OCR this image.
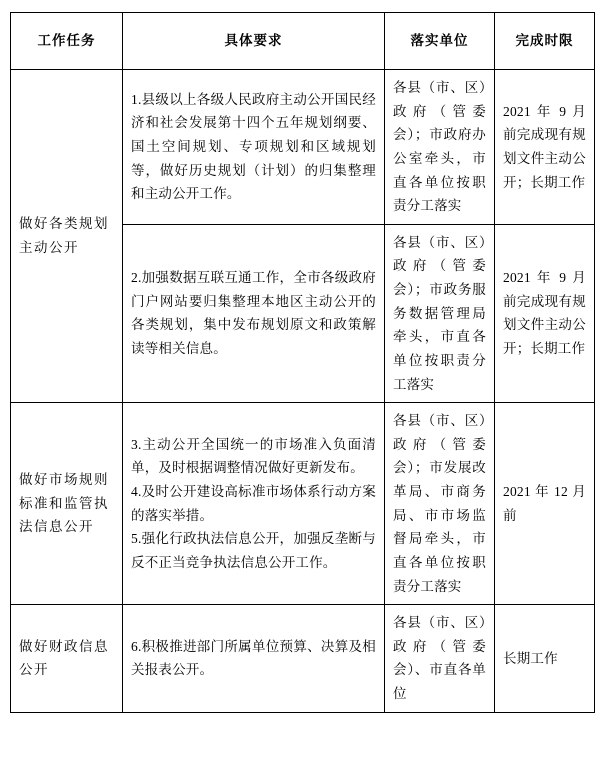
工作任务	具体要求	落实单位	完成时限
做好各类规划主动公开	1.县级以上各级人民政府主动公开国民经济和社会发展第十四个五年规划纲要、国土空间规划、专项规划和区域规划等，做好历史规划（计划）的归集整理和主动公开工作。	各县（市、区）政府（管委会）；市政府办公室牵头，市直各单位按职责分工落实	2021 年 9 月前完成现有规划文件主动公开；长期工作
	2.加强数据互联互通工作，全市各级政府门户网站要归集整理本地区主动公开的各类规划，集中发布规划原文和政策解读等相关信息。	各县（市、区）政府（管委会）；市政务服务数据管理局牵头，市直各单位按职责分工落实	2021 年 9 月前完成现有规划文件主动公开；长期工作
做好市场规则标准和监管执法信息公开	3.主动公开全国统一的市场准入负面清单，及时根据调整情况做好更新发布。
4.及时公开建设高标准市场体系行动方案的落实举措。
5.强化行政执法信息公开，加强反垄断与反不正当竞争执法信息公开工作。	各县（市、区）政府（管委会）；市发展改革局、市商务局、市市场监督局牵头，市直各单位按职责分工落实	2021 年 12 月前
做好财政信息公开	6.积极推进部门所属单位预算、决算及相关报表公开。	各县（市、区）政府（管委会）、市直各单位	长期工作
